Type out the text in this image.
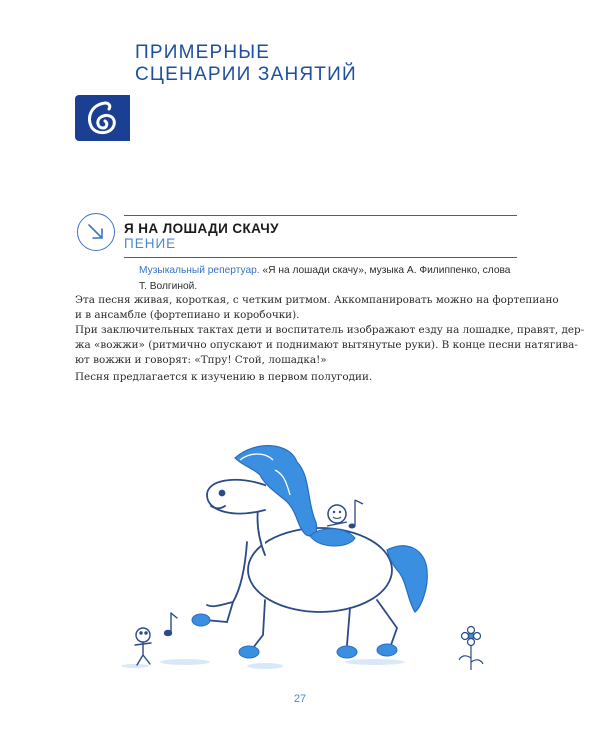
ПРИМЕРНЫЕ
СЦЕНАРИИ ЗАНЯТИЙ
Я НА ЛОШАДИ СКАЧУ
ПЕНИЕ
Музыкальный репертуар. «Я на лошади скачу», музыка А. Филиппенко, слова
Т. Волгиной.
Эта песня живая, короткая, с четким ритмом. Аккомпанировать можно на фортепиано
и в ансамбле (фортепиано и коробочки).
При заключительных тактах дети и воспитатель изображают езду на лошадке, правят, дер-
жа «вожжи» (ритмично опускают и поднимают вытянутые руки). В конце песни натягива-
ют вожжи и говорят: «Тпру! Стой, лошадка!»
Песня предлагается к изучению в первом полугодии.
27
